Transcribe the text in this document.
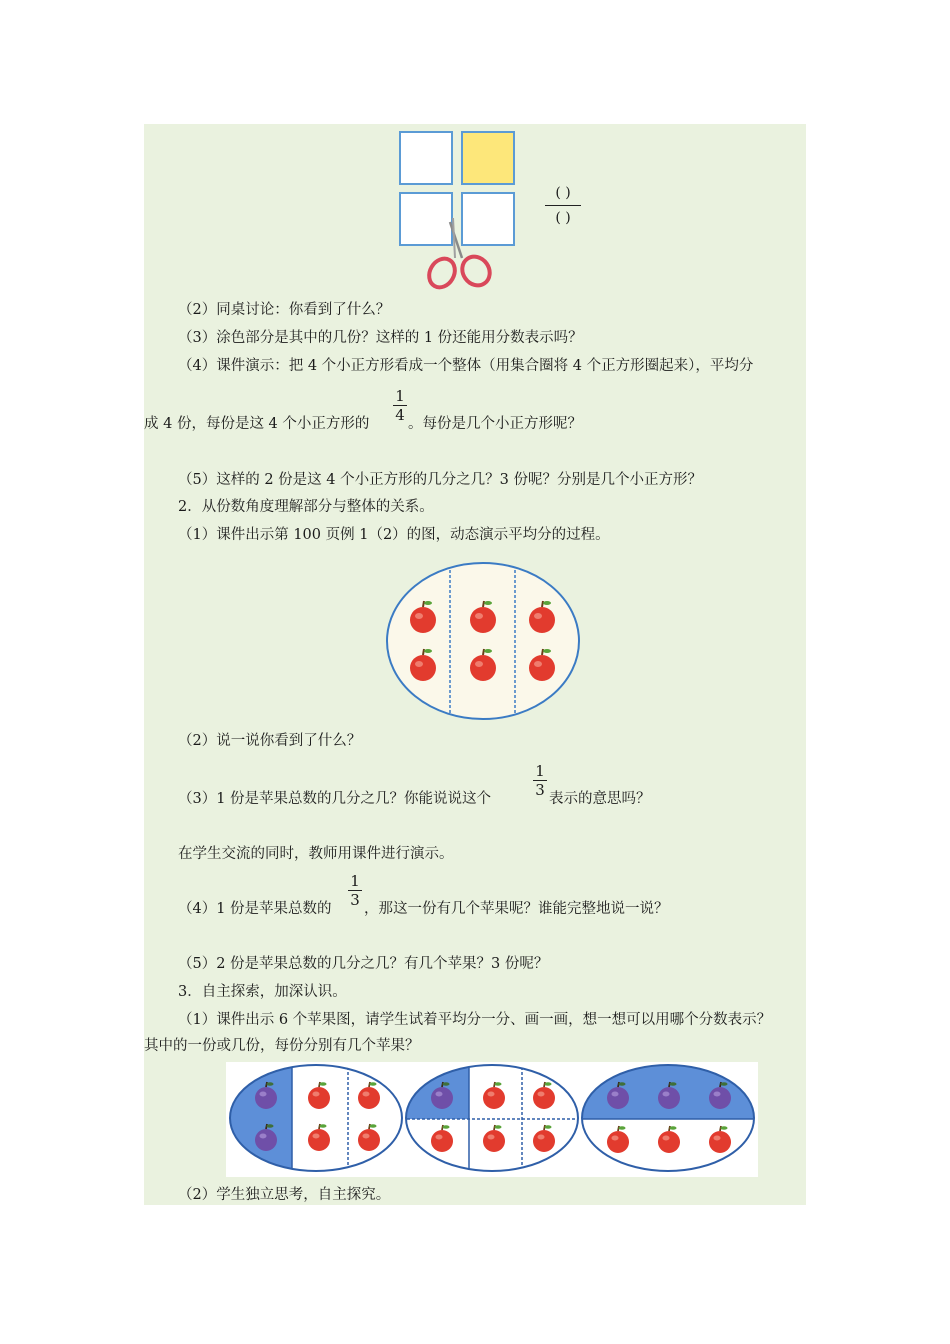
( )
( )
（2）同桌讨论：你看到了什么？
（3）涂色部分是其中的几份？这样的 1 份还能用分数表示吗？
（4）课件演示：把 4 个小正方形看成一个整体（用集合圈将 4 个正方形圈起来），平均分
成 4 份，每份是这 4 个小正方形的
1
4 。每份是几个小正方形呢？
（5）这样的 2 份是这 4 个小正方形的几分之几？3 份呢？分别是几个小正方形？
2．从份数角度理解部分与整体的关系。
（1）课件出示第 100 页例 1（2）的图，动态演示平均分的过程。
（2）说一说你看到了什么？
（3）1 份是苹果总数的几分之几？你能说说这个
1
3 表示的意思吗？
在学生交流的同时，教师用课件进行演示。
（4）1 份是苹果总数的
1
3 ，那这一份有几个苹果呢？谁能完整地说一说？
（5）2 份是苹果总数的几分之几？有几个苹果？3 份呢？
3．自主探索，加深认识。
（1）课件出示 6 个苹果图，请学生试着平均分一分、画一画，想一想可以用哪个分数表示？
其中的一份或几份，每份分别有几个苹果？
（2）学生独立思考，自主探究。
